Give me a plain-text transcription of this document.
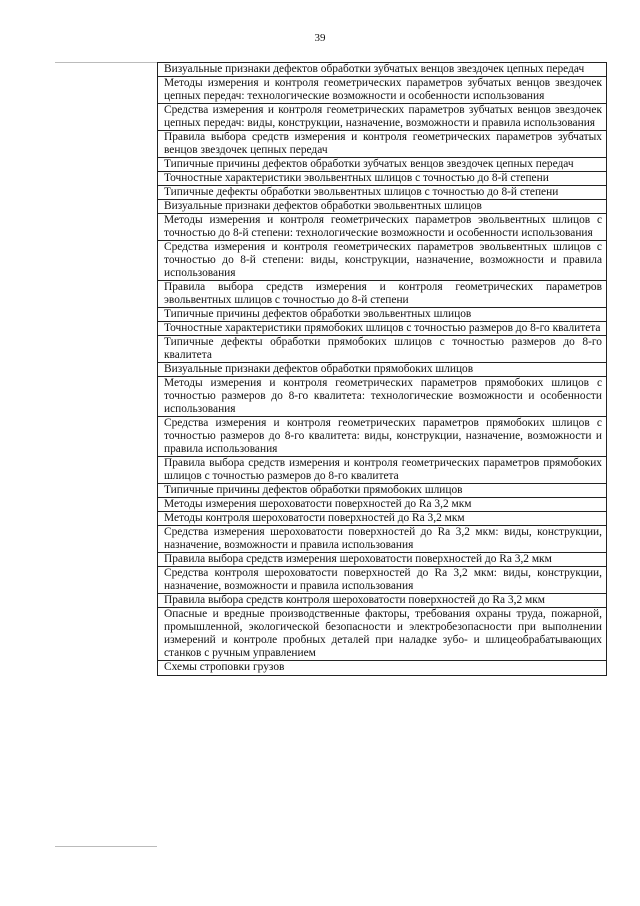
39
Визуальные признаки дефектов обработки зубчатых венцов звездочек цепных передач
Методы измерения и контроля геометрических параметров зубчатых венцов звездочек цепных передач: технологические возможности и особенности использования
Средства измерения и контроля геометрических параметров зубчатых венцов звездочек цепных передач: виды, конструкции, назначение, возможности и правила использования
Правила выбора средств измерения и контроля геометрических параметров зубчатых венцов звездочек цепных передач
Типичные причины дефектов обработки зубчатых венцов звездочек цепных передач
Точностные характеристики эвольвентных шлицов с точностью до 8-й степени
Типичные дефекты обработки эвольвентных шлицов с точностью до 8-й степени
Визуальные признаки дефектов обработки эвольвентных шлицов
Методы измерения и контроля геометрических параметров эвольвентных шлицов с точностью до 8-й степени: технологические возможности и особенности использования
Средства измерения и контроля геометрических параметров эвольвентных шлицов с точностью до 8-й степени: виды, конструкции, назначение, возможности и правила использования
Правила выбора средств измерения и контроля геометрических параметров эвольвентных шлицов с точностью до 8-й степени
Типичные причины дефектов обработки эвольвентных шлицов
Точностные характеристики прямобоких шлицов с точностью размеров до 8-го квалитета
Типичные дефекты обработки прямобоких шлицов с точностью размеров до 8-го квалитета
Визуальные признаки дефектов обработки прямобоких шлицов
Методы измерения и контроля геометрических параметров прямобоких шлицов с точностью размеров до 8-го квалитета: технологические возможности и особенности использования
Средства измерения и контроля геометрических параметров прямобоких шлицов с точностью размеров до 8-го квалитета: виды, конструкции, назначение, возможности и правила использования
Правила выбора средств измерения и контроля геометрических параметров прямобоких шлицов с точностью размеров до 8-го квалитета
Типичные причины дефектов обработки прямобоких шлицов
Методы измерения шероховатости поверхностей до Ra 3,2 мкм
Методы контроля шероховатости поверхностей до Ra 3,2 мкм
Средства измерения шероховатости поверхностей до Ra 3,2 мкм: виды, конструкции, назначение, возможности и правила использования
Правила выбора средств измерения шероховатости поверхностей до Ra 3,2 мкм
Средства контроля шероховатости поверхностей до Ra 3,2 мкм: виды, конструкции, назначение, возможности и правила использования
Правила выбора средств контроля шероховатости поверхностей до Ra 3,2 мкм
Опасные и вредные производственные факторы, требования охраны труда, пожарной, промышленной, экологической безопасности и электробезопасности при выполнении измерений и контроле пробных деталей при наладке зубо- и шлицеобрабатывающих станков с ручным управлением
Схемы строповки грузов
